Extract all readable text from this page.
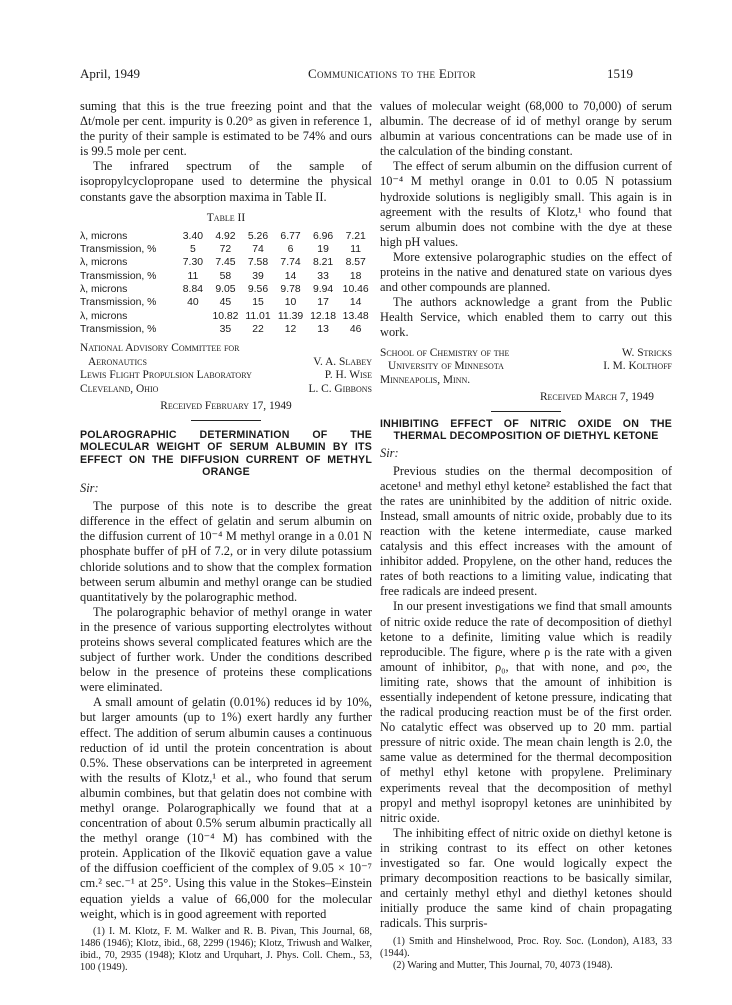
April, 1949	Communications to the Editor	1519

suming that this is the true freezing point and that the Δt/mole per cent. impurity is 0.20° as given in reference 1, the purity of their sample is estimated to be 74% and ours is 99.5 mole per cent.

The infrared spectrum of the sample of isopropylcyclopropane used to determine the physical constants gave the absorption maxima in Table II.

Table II
λ, microns	3.40	4.92	5.26	6.77	6.96	7.21
Transmission, %	5	72	74	6	19	11
λ, microns	7.30	7.45	7.58	7.74	8.21	8.57
Transmission, %	11	58	39	14	33	18
λ, microns	8.84	9.05	9.56	9.78	9.94	10.46
Transmission, %	40	45	15	10	17	14
λ, microns		10.82	11.01	11.39	12.18	13.48
Transmission, %		35	22	12	13	46
National Advisory Committee for
Aeronautics	V. A. Slabey
Lewis Flight Propulsion Laboratory	P. H. Wise
Cleveland, Ohio	L. C. Gibbons
Received February 17, 1949
POLAROGRAPHIC DETERMINATION OF THE MOLECULAR WEIGHT OF SERUM ALBUMIN BY ITS EFFECT ON THE DIFFUSION CURRENT OF METHYL ORANGE
Sir:

The purpose of this note is to describe the great difference in the effect of gelatin and serum albumin on the diffusion current of 10⁻⁴ M methyl orange in a 0.01 N phosphate buffer of pH of 7.2, or in very dilute potassium chloride solutions and to show that the complex formation between serum albumin and methyl orange can be studied quantitatively by the polarographic method.

The polarographic behavior of methyl orange in water in the presence of various supporting electrolytes without proteins shows several complicated features which are the subject of further work. Under the conditions described below in the presence of proteins these complications were eliminated.

A small amount of gelatin (0.01%) reduces id by 10%, but larger amounts (up to 1%) exert hardly any further effect. The addition of serum albumin causes a continuous reduction of id until the protein concentration is about 0.5%. These observations can be interpreted in agreement with the results of Klotz,¹ et al., who found that serum albumin combines, but that gelatin does not combine with methyl orange. Polarographically we found that at a concentration of about 0.5% serum albumin practically all the methyl orange (10⁻⁴ M) has combined with the protein. Application of the Ilkovič equation gave a value of the diffusion coefficient of the complex of 9.05 × 10⁻⁷ cm.² sec.⁻¹ at 25°. Using this value in the Stokes–Einstein equation yields a value of 66,000 for the molecular weight, which is in good agreement with reported

(1) I. M. Klotz, F. M. Walker and R. B. Pivan, This Journal, 68, 1486 (1946); Klotz, ibid., 68, 2299 (1946); Klotz, Triwush and Walker, ibid., 70, 2935 (1948); Klotz and Urquhart, J. Phys. Coll. Chem., 53, 100 (1949).

values of molecular weight (68,000 to 70,000) of serum albumin. The decrease of id of methyl orange by serum albumin at various concentrations can be made use of in the calculation of the binding constant.

The effect of serum albumin on the diffusion current of 10⁻⁴ M methyl orange in 0.01 to 0.05 N potassium hydroxide solutions is negligibly small. This again is in agreement with the results of Klotz,¹ who found that serum albumin does not combine with the dye at these high pH values.

More extensive polarographic studies on the effect of proteins in the native and denatured state on various dyes and other compounds are planned.

The authors acknowledge a grant from the Public Health Service, which enabled them to carry out this work.

School of Chemistry of the	W. Stricks
University of Minnesota	I. M. Kolthoff
Minneapolis, Minn.
Received March 7, 1949
INHIBITING EFFECT OF NITRIC OXIDE ON THE THERMAL DECOMPOSITION OF DIETHYL KETONE
Sir:

Previous studies on the thermal decomposition of acetone¹ and methyl ethyl ketone² established the fact that the rates are uninhibited by the addition of nitric oxide. Instead, small amounts of nitric oxide, probably due to its reaction with the ketene intermediate, cause marked catalysis and this effect increases with the amount of inhibitor added. Propylene, on the other hand, reduces the rates of both reactions to a limiting value, indicating that free radicals are indeed present.

In our present investigations we find that small amounts of nitric oxide reduce the rate of decomposition of diethyl ketone to a definite, limiting value which is readily reproducible. The figure, where ρ is the rate with a given amount of inhibitor, ρ₀, that with none, and ρ∞, the limiting rate, shows that the amount of inhibition is essentially independent of ketone pressure, indicating that the radical producing reaction must be of the first order. No catalytic effect was observed up to 20 mm. partial pressure of nitric oxide. The mean chain length is 2.0, the same value as determined for the thermal decomposition of methyl ethyl ketone with propylene. Preliminary experiments reveal that the decomposition of methyl propyl and methyl isopropyl ketones are uninhibited by nitric oxide.

The inhibiting effect of nitric oxide on diethyl ketone is in striking contrast to its effect on other ketones investigated so far. One would logically expect the primary decomposition reactions to be basically similar, and certainly methyl ethyl and diethyl ketones should initially produce the same kind of chain propagating radicals. This surpris-

(1) Smith and Hinshelwood, Proc. Roy. Soc. (London), A183, 33 (1944).

(2) Waring and Mutter, This Journal, 70, 4073 (1948).
